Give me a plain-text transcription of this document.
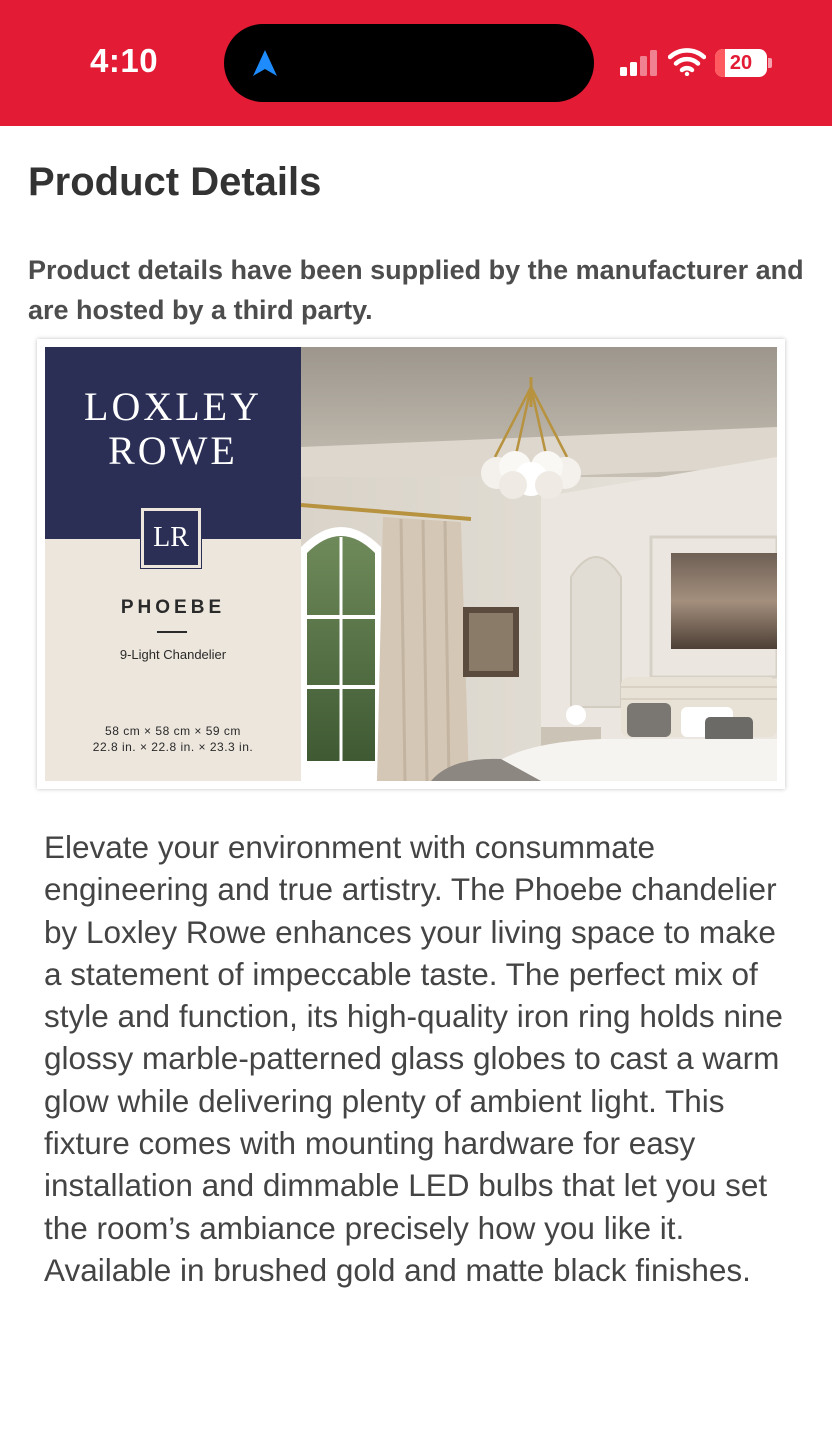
4:10	20
Product Details
Product details have been supplied by the manufacturer and are hosted by a third party.
LOXLEY
ROWE
LR
PHOEBE
9-Light Chandelier
58 cm × 58 cm × 59 cm
22.8 in. × 22.8 in. × 23.3 in.
Elevate your environment with consummate engineering and true artistry. The Phoebe chandelier by Loxley Rowe enhances your living space to make a statement of impeccable taste. The perfect mix of style and function, its high-quality iron ring holds nine glossy marble-patterned glass globes to cast a warm glow while delivering plenty of ambient light. This fixture comes with mounting hardware for easy installation and dimmable LED bulbs that let you set the room’s ambiance precisely how you like it. Available in brushed gold and matte black finishes.
